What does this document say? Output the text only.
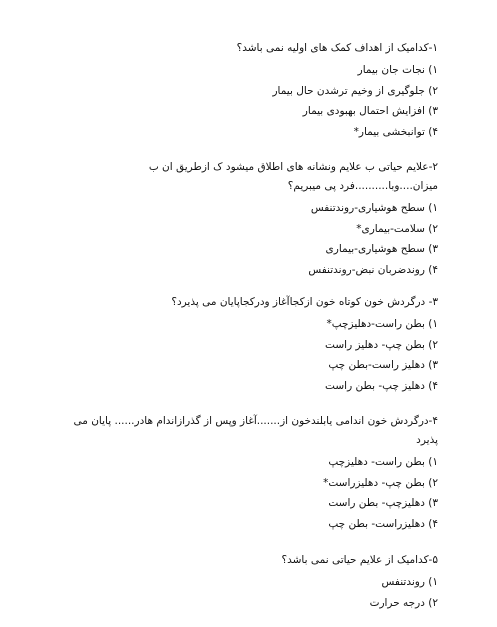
۱-کدامیک از اهداف کمک های اولیه نمی باشد؟

۱) نجات جان بیمار
۲) جلوگیری از وخیم ترشدن حال بیمار
۳) افزایش احتمال بهبودی بیمار
۴) توانبخشی بیمار*

۲-علایم حیاتی ب علایم ونشانه های اطلاق میشود ک ازطریق ان ب میزان....وبا..........فرد پی میبریم؟

۱) سطح هوشیاری-روندتنفس
۲) سلامت-بیماری*
۳) سطح هوشیاری-بیماری
۴) روندضربان نبض-روندتنفس

۳- درگردش خون کوتاه خون ازکجاآغاز ودرکجاپایان می پذیرد؟

۱) بطن راست-دهلیزچپ*
۲) بطن چپ- دهلیز راست
۳) دهلیز راست-بطن چپ
۴) دهلیز چپ- بطن راست

۴-درگردش خون اندامی یابلندخون از.......آغاز وپس از گذرازاندام هادر...... پایان می پذیرد

۱) بطن راست- دهلیزچپ
۲) بطن چپ- دهلیزراست*
۳) دهلیزچپ- بطن راست
۴) دهلیزراست- بطن چپ

۵-کدامیک از علایم حیاتی نمی باشد؟

۱) روندتنفس
۲) درجه حرارت
